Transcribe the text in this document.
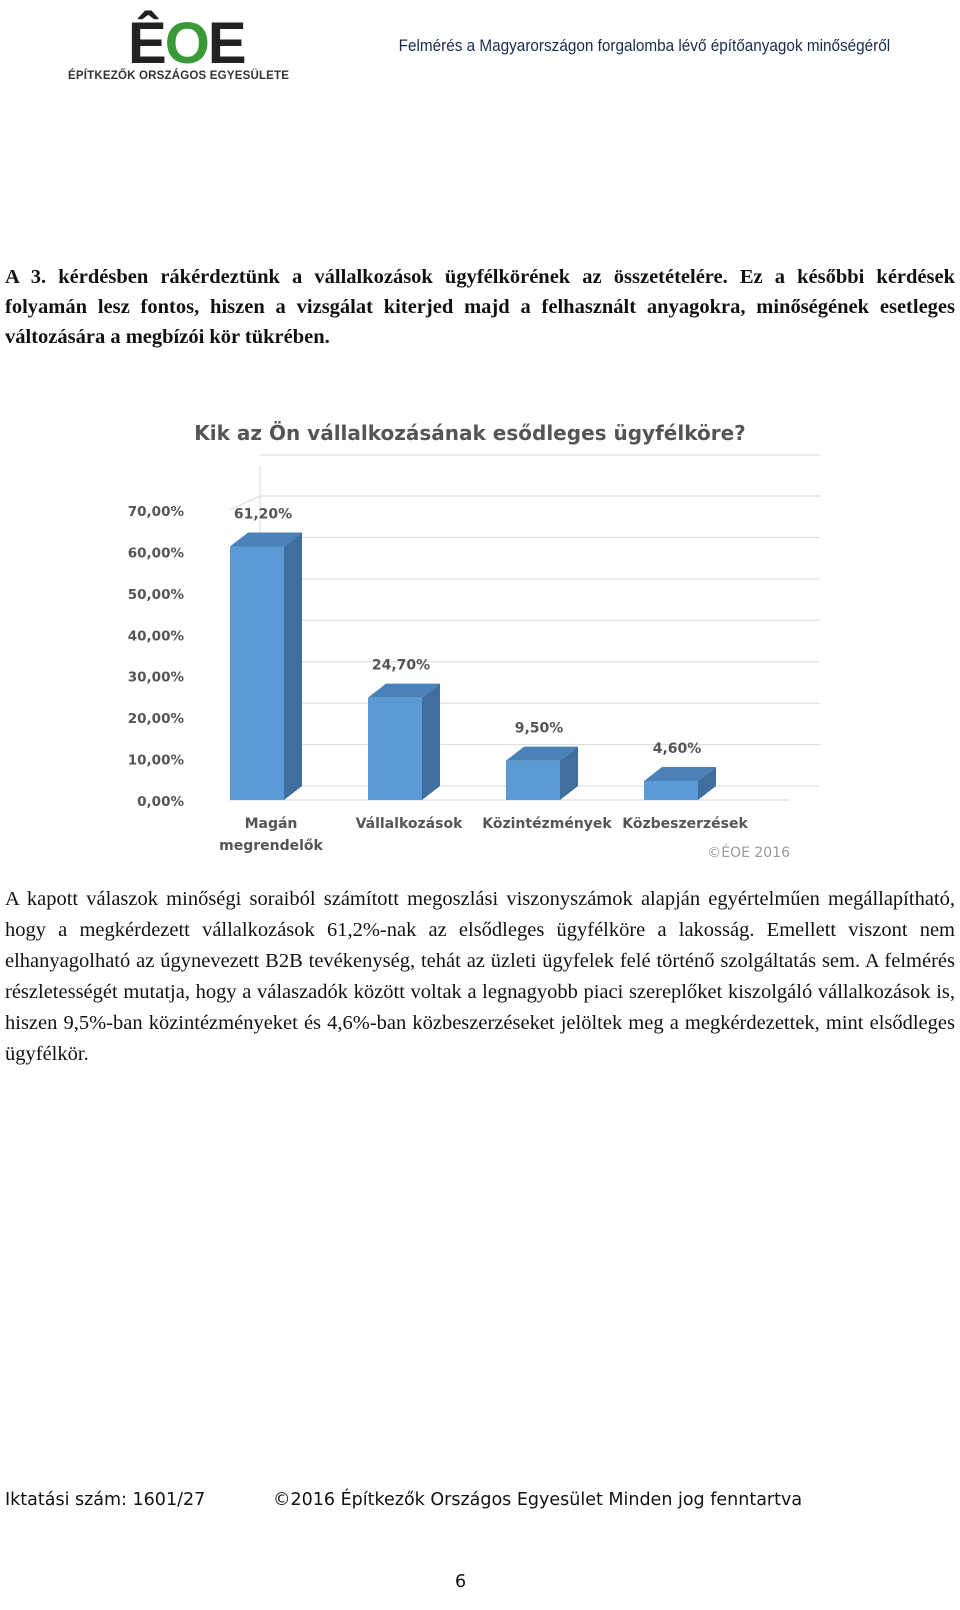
ÊOE
ÉPÍTKEZŐK ORSZÁGOS EGYESÜLETE
Felmérés a Magyarországon forgalomba lévő építőanyagok minőségéről

A 3. kérdésben rákérdeztünk a vállalkozások ügyfélkörének az összetételére. Ez a későbbi kérdések folyamán lesz fontos, hiszen a vizsgálat kiterjed majd a felhasznált anyagokra, minőségének esetleges változására a megbízói kör tükrében.

Kik az Ön vállalkozásának esődleges ügyfélköre?
0,00%
10,00%
20,00%
30,00%
40,00%
50,00%
60,00%
70,00%	61,20%
Magán
megrendelők
24,70%
Vállalkozások
9,50%
Közintézmények
4,60%
Közbeszerzések
©ÉOE 2016

A kapott válaszok minőségi soraiból számított megoszlási viszonyszámok alapján egyértelműen megállapítható, hogy a megkérdezett vállalkozások 61,2%-nak az elsődleges ügyfélköre a lakosság. Emellett viszont nem elhanyagolható az úgynevezett B2B tevékenység, tehát az üzleti ügyfelek felé történő szolgáltatás sem. A felmérés részletességét mutatja, hogy a válaszadók között voltak a legnagyobb piaci szereplőket kiszolgáló vállalkozások is, hiszen 9,5%-ban közintézményeket és 4,6%-ban közbeszerzéseket jelöltek meg a megkérdezettek, mint elsődleges ügyfélkör.

Iktatási szám: 1601/27	©2016 Építkezők Országos Egyesület Minden jog fenntartva
6
